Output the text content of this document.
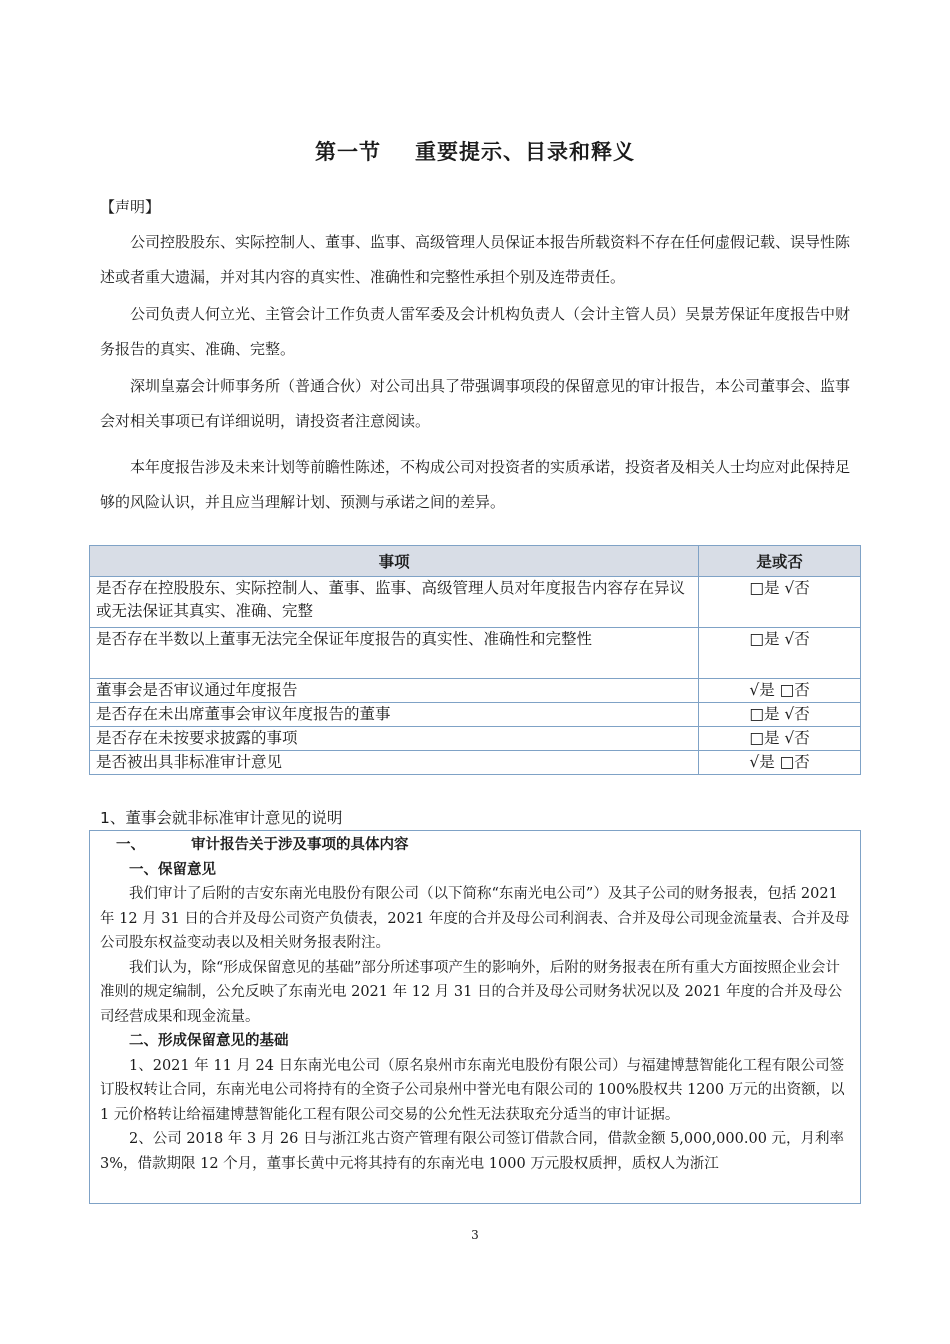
第一节 重要提示、目录和释义

【声明】

公司控股股东、实际控制人、董事、监事、高级管理人员保证本报告所载资料不存在任何虚假记载、误导性陈述或者重大遗漏，并对其内容的真实性、准确性和完整性承担个别及连带责任。

公司负责人何立光、主管会计工作负责人雷军委及会计机构负责人（会计主管人员）吴景芳保证年度报告中财务报告的真实、准确、完整。

深圳皇嘉会计师事务所（普通合伙）对公司出具了带强调事项段的保留意见的审计报告，本公司董事会、监事会对相关事项已有详细说明，请投资者注意阅读。

本年度报告涉及未来计划等前瞻性陈述，不构成公司对投资者的实质承诺，投资者及相关人士均应对此保持足够的风险认识，并且应当理解计划、预测与承诺之间的差异。

事项	是或否
是否存在控股股东、实际控制人、董事、监事、高级管理人员对年度报告内容存在异议或无法保证其真实、准确、完整	□是 √否
是否存在半数以上董事无法完全保证年度报告的真实性、准确性和完整性	□是 √否
董事会是否审议通过年度报告	√是 □否
是否存在未出席董事会审议年度报告的董事	□是 √否
是否存在未按要求披露的事项	□是 √否
是否被出具非标准审计意见	√是 □否
1、董事会就非标准审计意见的说明

一、	审计报告关于涉及事项的具体内容

一、保留意见

我们审计了后附的吉安东南光电股份有限公司（以下简称“东南光电公司”）及其子公司的财务报表，包括 2021 年 12 月 31 日的合并及母公司资产负债表，2021 年度的合并及母公司利润表、合并及母公司现金流量表、合并及母公司股东权益变动表以及相关财务报表附注。

我们认为，除“形成保留意见的基础”部分所述事项产生的影响外，后附的财务报表在所有重大方面按照企业会计准则的规定编制，公允反映了东南光电 2021 年 12 月 31 日的合并及母公司财务状况以及 2021 年度的合并及母公司经营成果和现金流量。

二、形成保留意见的基础

1、2021 年 11 月 24 日东南光电公司（原名泉州市东南光电股份有限公司）与福建博慧智能化工程有限公司签订股权转让合同，东南光电公司将持有的全资子公司泉州中誉光电有限公司的 100%股权共 1200 万元的出资额，以 1 元价格转让给福建博慧智能化工程有限公司交易的公允性无法获取充分适当的审计证据。

2、公司 2018 年 3 月 26 日与浙江兆古资产管理有限公司签订借款合同，借款金额 5,000,000.00 元，月利率 3%，借款期限 12 个月，董事长黄中元将其持有的东南光电 1000 万元股权质押，质权人为浙江

3
